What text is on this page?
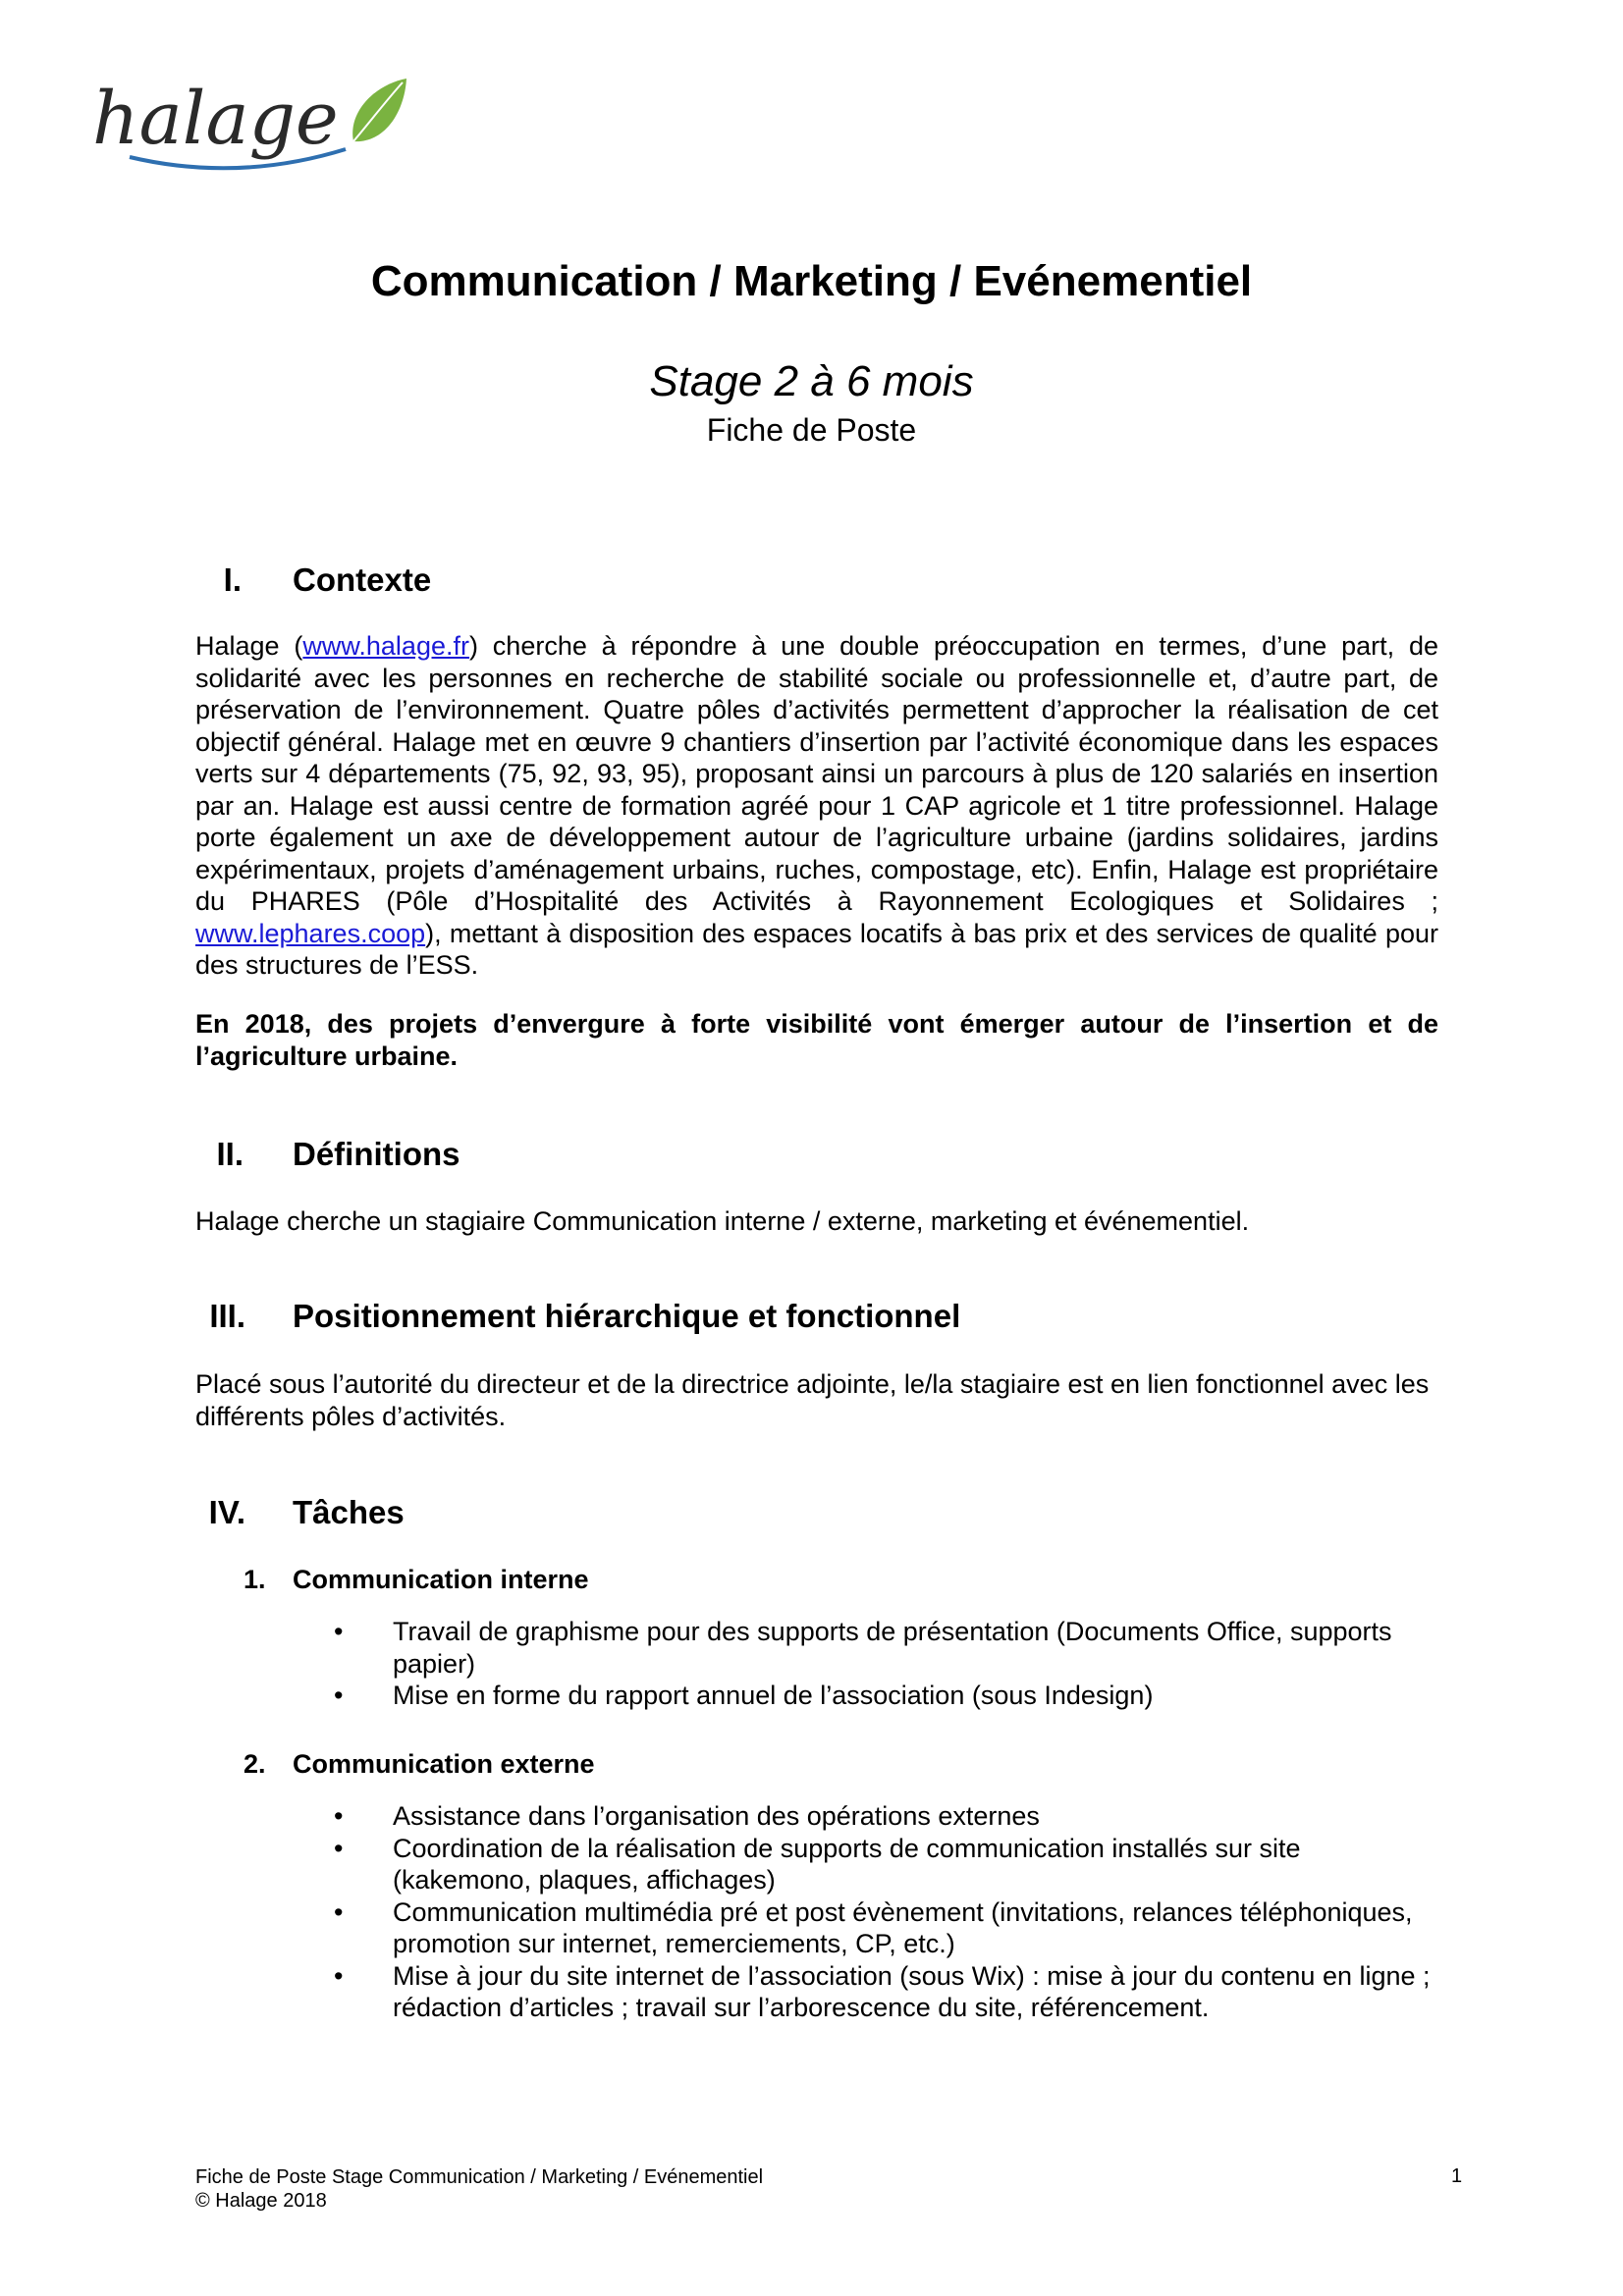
halage
Communication / Marketing / Evénementiel
Stage 2 à 6 mois
Fiche de Poste
I. Contexte
Halage (www.halage.fr) cherche à répondre à une double préoccupation en termes, d’une part, de solidarité avec les personnes en recherche de stabilité sociale ou professionnelle et, d’autre part, de préservation de l’environnement. Quatre pôles d’activités permettent d’approcher la réalisation de cet objectif général. Halage met en œuvre 9 chantiers d’insertion par l’activité économique dans les espaces verts sur 4 départements (75, 92, 93, 95), proposant ainsi un parcours à plus de 120 salariés en insertion par an. Halage est aussi centre de formation agréé pour 1 CAP agricole et 1 titre professionnel. Halage porte également un axe de développement autour de l’agriculture urbaine (jardins solidaires, jardins expérimentaux, projets d’aménagement urbains, ruches, compostage, etc). Enfin, Halage est propriétaire du PHARES (Pôle d’Hospitalité des Activités à Rayonnement Ecologiques et Solidaires ; www.lephares.coop), mettant à disposition des espaces locatifs à bas prix et des services de qualité pour des structures de l’ESS.
En 2018, des projets d’envergure à forte visibilité vont émerger autour de l’insertion et de l’agriculture urbaine.
II. Définitions
Halage cherche un stagiaire Communication interne / externe, marketing et événementiel.
III. Positionnement hiérarchique et fonctionnel
Placé sous l’autorité du directeur et de la directrice adjointe, le/la stagiaire est en lien fonctionnel avec les différents pôles d’activités.
IV. Tâches
1. Communication interne
• Travail de graphisme pour des supports de présentation (Documents Office, supports papier)
• Mise en forme du rapport annuel de l’association (sous Indesign)
2. Communication externe
• Assistance dans l’organisation des opérations externes
• Coordination de la réalisation de supports de communication installés sur site (kakemono, plaques, affichages)
• Communication multimédia pré et post évènement (invitations, relances téléphoniques, promotion sur internet, remerciements, CP, etc.)
• Mise à jour du site internet de l’association (sous Wix) : mise à jour du contenu en ligne ; rédaction d’articles ; travail sur l’arborescence du site, référencement.
Fiche de Poste Stage Communication / Marketing / Evénementiel
© Halage 2018
1
